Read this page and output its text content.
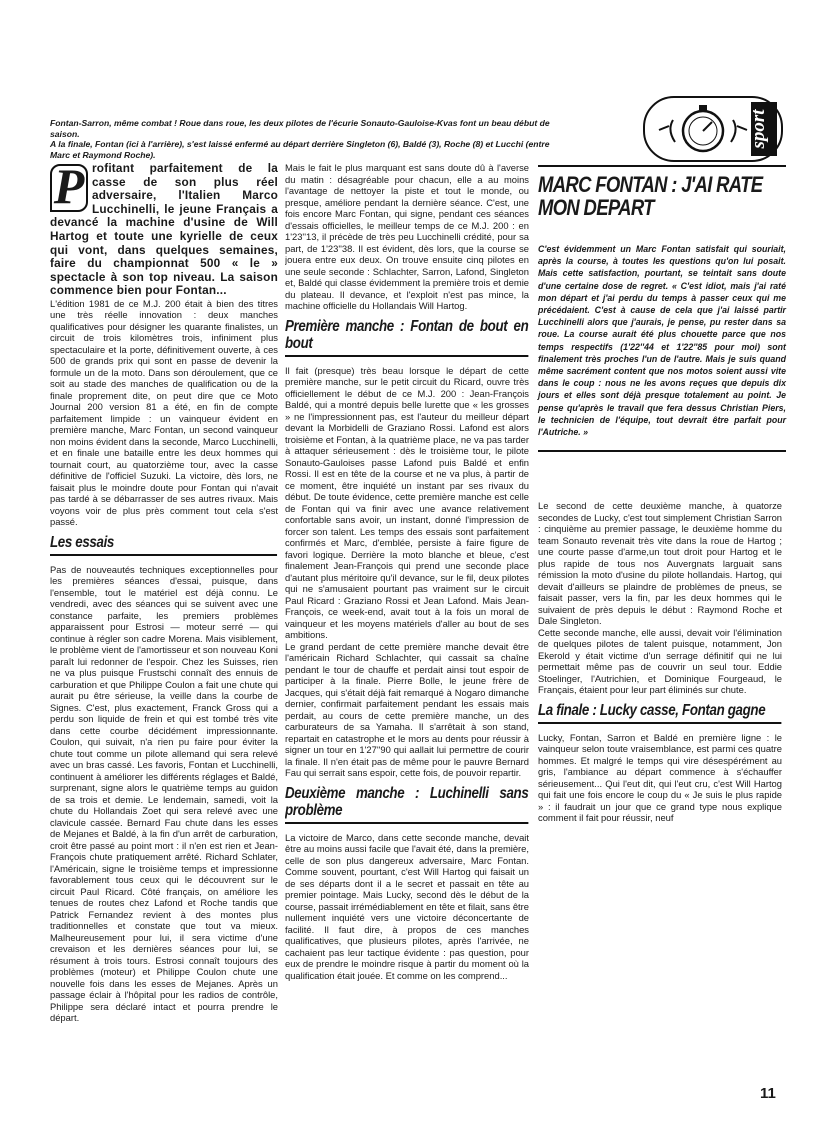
sport

Fontan-Sarron, même combat ! Roue dans roue, les deux pilotes de l'écurie Sonauto-Gauloise-Kvas font un beau début de saison.

A la finale, Fontan (ici à l'arrière), s'est laissé enfermé au départ derrière Singleton (6), Baldé (3), Roche (8) et Lucchi (entre Marc et Raymond Roche).

P rofitant parfaitement de la casse de son plus réel adversaire, l'Italien Marco Lucchinelli, le jeune Français a devancé la machine d'usine de Will Hartog et toute une kyrielle de ceux qui vont, dans quelques semaines, faire du championnat 500 « le » spectacle à son top niveau. La saison commence bien pour Fontan...

L'édition 1981 de ce M.J. 200 était à bien des titres une très réelle innovation : deux manches qualificatives pour désigner les quarante finalistes, un circuit de trois kilomètres trois, infiniment plus spectaculaire et la porte, définitivement ouverte, à ces 500 de grands prix qui sont en passe de devenir la formule un de la moto. Dans son déroulement, que ce soit au stade des manches de qualification ou de la finale proprement dite, on peut dire que ce Moto Journal 200 version 81 a été, en fin de compte parfaitement limpide : un vainqueur évident en première manche, Marc Fontan, un second vainqueur non moins évident dans la seconde, Marco Lucchinelli, et en finale une bataille entre les deux hommes qui tournait court, au quatorzième tour, avec la casse définitive de l'officiel Suzuki. La victoire, dès lors, ne faisait plus le moindre doute pour Fontan qui n'avait pas tardé à se débarrasser de ses autres rivaux. Mais voyons voir de plus près comment tout cela s'est passé.

Les essais

Pas de nouveautés techniques exceptionnelles pour les premières séances d'essai, puisque, dans l'ensemble, tout le matériel est déjà connu. Le vendredi, avec des séances qui se suivent avec une constance parfaite, les premiers problèmes apparaissent pour Estrosi — moteur serré — qui continue à régler son cadre Morena. Mais visiblement, le problème vient de l'amortisseur et son nouveau Koni paraît lui redonner de l'espoir. Chez les Suisses, rien ne va plus puisque Frustschi connaît des ennuis de carburation et que Philippe Coulon a fait une chute qui aurait pu être sérieuse, la veille dans la courbe de Signes. C'est, plus exactement, Franck Gross qui a perdu son liquide de frein et qui est tombé très vite dans cette courbe décidément impressionnante. Coulon, qui suivait, n'a rien pu faire pour éviter la chute tout comme un pilote allemand qui sera relevé avec un bras cassé. Les favoris, Fontan et Lucchinelli, continuent à améliorer les différents réglages et Baldé, surprenant, signe alors le quatrième temps au guidon de sa trois et demie. Le lendemain, samedi, voit la chute du Hollandais Zoet qui sera relevé avec une clavicule cassée. Bernard Fau chute dans les esses de Mejanes et Baldé, à la fin d'un arrêt de carburation, croit être passé au point mort : il n'en est rien et Jean-François chute pratiquement arrêté. Richard Schlater, l'Américain, signe le troisième temps et impressionne favorablement tous ceux qui le découvrent sur le circuit Paul Ricard. Côté français, on améliore les tenues de routes chez Lafond et Roche tandis que Patrick Fernandez revient à des montes plus traditionnelles et constate que tout va mieux. Malheureusement pour lui, il sera victime d'une crevaison et les dernières séances pour lui, se résument à trois tours. Estrosi connaît toujours des problèmes (moteur) et Philippe Coulon chute une nouvelle fois dans les esses de Mejanes. Après un passage éclair à l'hôpital pour les radios de contrôle, Philippe sera déclaré intact et pourra prendre le départ.

Mais le fait le plus marquant est sans doute dû à l'averse du matin : désagréable pour chacun, elle a au moins l'avantage de nettoyer la piste et tout le monde, ou presque, améliore pendant la dernière séance. C'est, une fois encore Marc Fontan, qui signe, pendant ces séances d'essais officielles, le meilleur temps de ce M.J. 200 : en 1'23''13, il précède de très peu Lucchinelli crédité, pour sa part, de 1'23''38. Il est évident, dès lors, que la course se jouera entre eux deux. On trouve ensuite cinq pilotes en une seule seconde : Schlachter, Sarron, Lafond, Singleton et, Baldé qui classe évidemment la première trois et demie du plateau. Il devance, et l'exploit n'est pas mince, la machine officielle du Hollandais Will Hartog.

Première manche : Fontan de bout en bout

Il fait (presque) très beau lorsque le départ de cette première manche, sur le petit circuit du Ricard, ouvre très officiellement le début de ce M.J. 200 : Jean-François Baldé, qui a montré depuis belle lurette que « les grosses » ne l'impressionnent pas, est l'auteur du meilleur départ devant la Morbidelli de Graziano Rossi. Lafond est alors troisième et Fontan, à la quatrième place, ne va pas tarder à attaquer sérieusement : dès le troisième tour, le pilote Sonauto-Gauloises passe Lafond puis Baldé et enfin Rossi. Il est en tête de la course et ne va plus, à partir de ce moment, être inquiété un instant par ses rivaux du début. De toute évidence, cette première manche est celle de Fontan qui va finir avec une avance relativement confortable sans avoir, un instant, donné l'impression de forcer son talent. Les temps des essais sont parfaitement confirmés et Marc, d'emblée, persiste à faire figure de favori logique. Derrière la moto blanche et bleue, c'est finalement Jean-François qui prend une seconde place d'autant plus méritoire qu'il devance, sur le fil, deux pilotes qui ne s'amusaient pourtant pas vraiment sur le circuit Paul Ricard : Graziano Rossi et Jean Lafond. Mais Jean-François, ce week-end, avait tout à la fois un moral de vainqueur et les moyens matériels d'aller au bout de ses ambitions.

Le grand perdant de cette première manche devait être l'américain Richard Schlachter, qui cassait sa chaîne pendant le tour de chauffe et perdait ainsi tout espoir de participer à la finale. Pierre Bolle, le jeune frère de Jacques, qui s'était déjà fait remarqué à Nogaro dimanche dernier, confirmait parfaitement pendant les essais mais perdait, au cours de cette première manche, un des carburateurs de sa Yamaha. Il s'arrêtait à son stand, repartait en catastrophe et le mors au dents pour réussir à signer un tour en 1'27''90 qui aallait lui permettre de courir la finale. Il n'en était pas de même pour le pauvre Bernard Fau qui serrait sans espoir, cette fois, de pouvoir repartir.

Deuxième manche : Luchinelli sans problème

La victoire de Marco, dans cette seconde manche, devait être au moins aussi facile que l'avait été, dans la première, celle de son plus dangereux adversaire, Marc Fontan. Comme souvent, pourtant, c'est Will Hartog qui faisait un de ses départs dont il a le secret et passait en tête au premier pointage. Mais Lucky, second dès le début de la course, passait irrémédiablement en tête et filait, sans être nullement inquiété vers une victoire déconcertante de facilité. Il faut dire, à propos de ces manches qualificatives, que plusieurs pilotes, après l'arrivée, ne cachaient pas leur tactique évidente : pas question, pour eux de prendre le moindre risque à partir du moment où la qualification était jouée. Et comme on les comprend...

MARC FONTAN : J'AI RATE MON DEPART
C'est évidemment un Marc Fontan satisfait qui souriait, après la course, à toutes les questions qu'on lui posait. Mais cette satisfaction, pourtant, se teintait sans doute d'une certaine dose de regret. « C'est idiot, mais j'ai raté mon départ et j'ai perdu du temps à passer ceux qui me précédaient. C'est à cause de cela que j'ai laissé partir Lucchinelli alors que j'aurais, je pense, pu rester dans sa roue. La course aurait été plus chouette parce que nos temps respectifs (1'22''44 et 1'22''85 pour moi) sont finalement très proches l'un de l'autre. Mais je suis quand même sacrément content que nos motos soient aussi vite dans le coup : nous ne les avons reçues que depuis dix jours et elles sont déjà presque totalement au point. Je pense qu'après le travail que fera dessus Christian Piers, le technicien de l'équipe, tout devrait être parfait pour l'Autriche. »

Le second de cette deuxième manche, à quatorze secondes de Lucky, c'est tout simplement Christian Sarron : cinquième au premier passage, le deuxième homme du team Sonauto revenait très vite dans la roue de Hartog ; une courte passe d'arme,un tout droit pour Hartog et le plus rapide de tous nos Auvergnats larguait sans rémission la moto d'usine du pilote hollandais. Hartog, qui devait d'ailleurs se plaindre de problèmes de pneus, se faisait passer, vers la fin, par les deux hommes qui le suivaient de près depuis le début : Raymond Roche et Dale Singleton.

Cette seconde manche, elle aussi, devait voir l'élimination de quelques pilotes de talent puisque, notamment, Jon Ekerold y était victime d'un serrage définitif qui ne lui permettait même pas de couvrir un seul tour. Eddie Stoelinger, l'Autrichien, et Dominique Fourgeaud, le Français, étaient pour leur part éliminés sur chute.

La finale : Lucky casse, Fontan gagne

Lucky, Fontan, Sarron et Baldé en première ligne : le vainqueur selon toute vraisemblance, est parmi ces quatre hommes. Et malgré le temps qui vire désespérément au gris, l'ambiance au départ commence à s'échauffer sérieusement... Qui l'eut dit, qui l'eut cru, c'est Will Hartog qui fait une fois encore le coup du « Je suis le plus rapide » : il faudrait un jour que ce grand type nous explique comment il fait pour réussir, neuf

11
